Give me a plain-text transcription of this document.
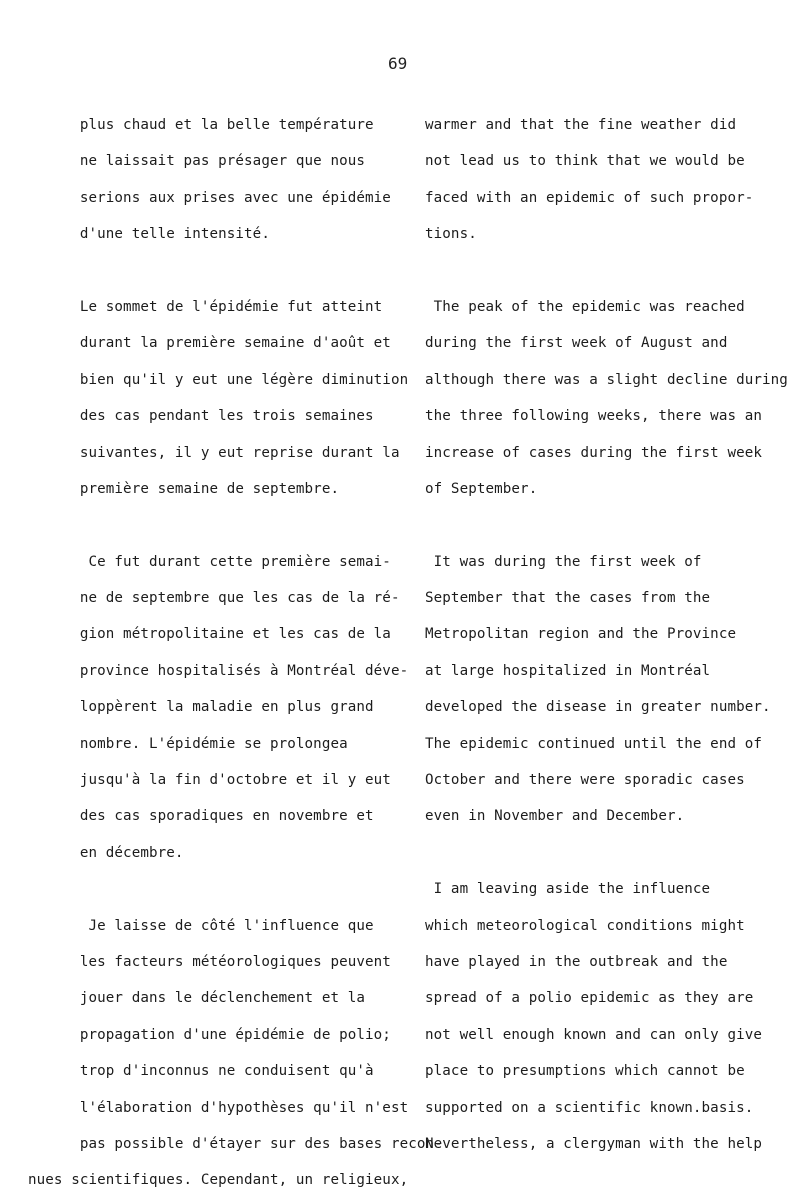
69
plus chaud et la belle température
ne laissait pas présager que nous
serions aux prises avec une épidémie
d'une telle intensité.
Le sommet de l'épidémie fut atteint
durant la première semaine d'août et
bien qu'il y eut une légère diminution
des cas pendant les trois semaines
suivantes, il y eut reprise durant la
première semaine de septembre.
Ce fut durant cette première semai-
ne de septembre que les cas de la ré-
gion métropolitaine et les cas de la
province hospitalisés à Montréal déve-
loppèrent la maladie en plus grand
nombre. L'épidémie se prolongea
jusqu'à la fin d'octobre et il y eut
des cas sporadiques en novembre et
en décembre.
Je laisse de côté l'influence que
les facteurs météorologiques peuvent
jouer dans le déclenchement et la
propagation d'une épidémie de polio;
trop d'inconnus ne conduisent qu'à
l'élaboration d'hypothèses qu'il n'est
pas possible d'étayer sur des bases recon-
nues scientifiques. Cependant, un religieux,
warmer and that the fine weather did
not lead us to think that we would be
faced with an epidemic of such propor-
tions.
The peak of the epidemic was reached
during the first week of August and
although there was a slight decline during
the three following weeks, there was an
increase of cases during the first week
of September.
It was during the first week of
September that the cases from the
Metropolitan region and the Province
at large hospitalized in Montréal
developed the disease in greater number.
The epidemic continued until the end of
October and there were sporadic cases
even in November and December.
I am leaving aside the influence
which meteorological conditions might
have played in the outbreak and the
spread of a polio epidemic as they are
not well enough known and can only give
place to presumptions which cannot be
supported on a scientific known.basis.
Nevertheless, a clergyman with the help
